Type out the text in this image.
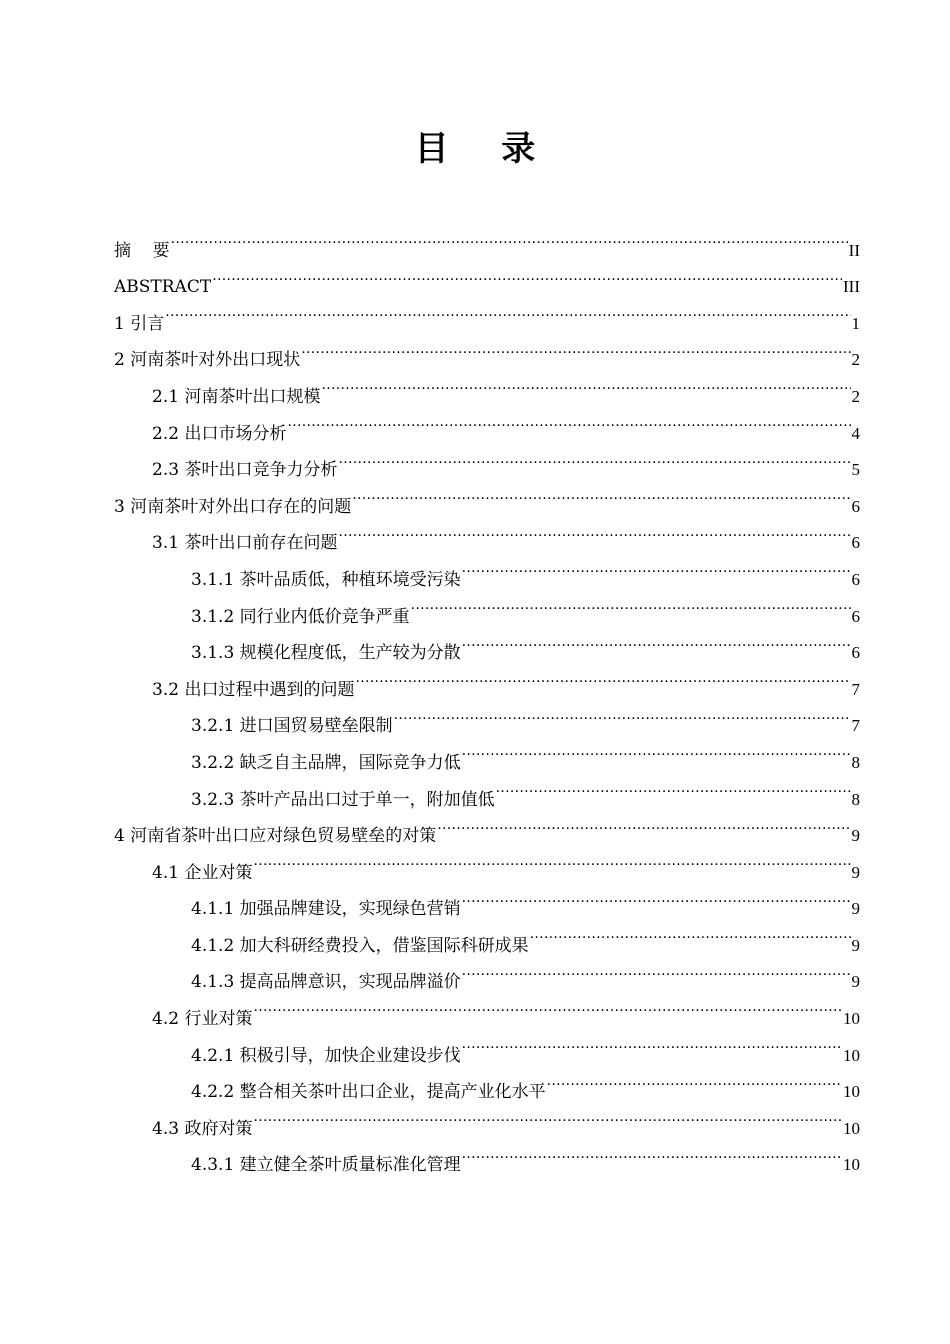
目 录
摘    要 .....	II
ABSTRACT .....	III
1 引言 .....	1
2 河南茶叶对外出口现状 .....	2
2.1 河南茶叶出口规模 .....	2
2.2 出口市场分析 .....	4
2.3 茶叶出口竞争力分析 .....	5
3 河南茶叶对外出口存在的问题 .....	6
3.1 茶叶出口前存在问题 .....	6
3.1.1 茶叶品质低，种植环境受污染 .....	6
3.1.2 同行业内低价竞争严重 .....	6
3.1.3 规模化程度低，生产较为分散 .....	6
3.2 出口过程中遇到的问题 .....	7
3.2.1 进口国贸易壁垒限制 .....	7
3.2.2 缺乏自主品牌，国际竞争力低 .....	8
3.2.3 茶叶产品出口过于单一，附加值低 .....	8
4 河南省茶叶出口应对绿色贸易壁垒的对策 .....	9
4.1 企业对策 .....	9
4.1.1 加强品牌建设，实现绿色营销 .....	9
4.1.2 加大科研经费投入，借鉴国际科研成果 .....	9
4.1.3 提高品牌意识，实现品牌溢价 .....	9
4.2 行业对策 .....	10
4.2.1 积极引导，加快企业建设步伐 .....	10
4.2.2 整合相关茶叶出口企业，提高产业化水平 .....	10
4.3 政府对策 .....	10
4.3.1 建立健全茶叶质量标准化管理 .....	10
